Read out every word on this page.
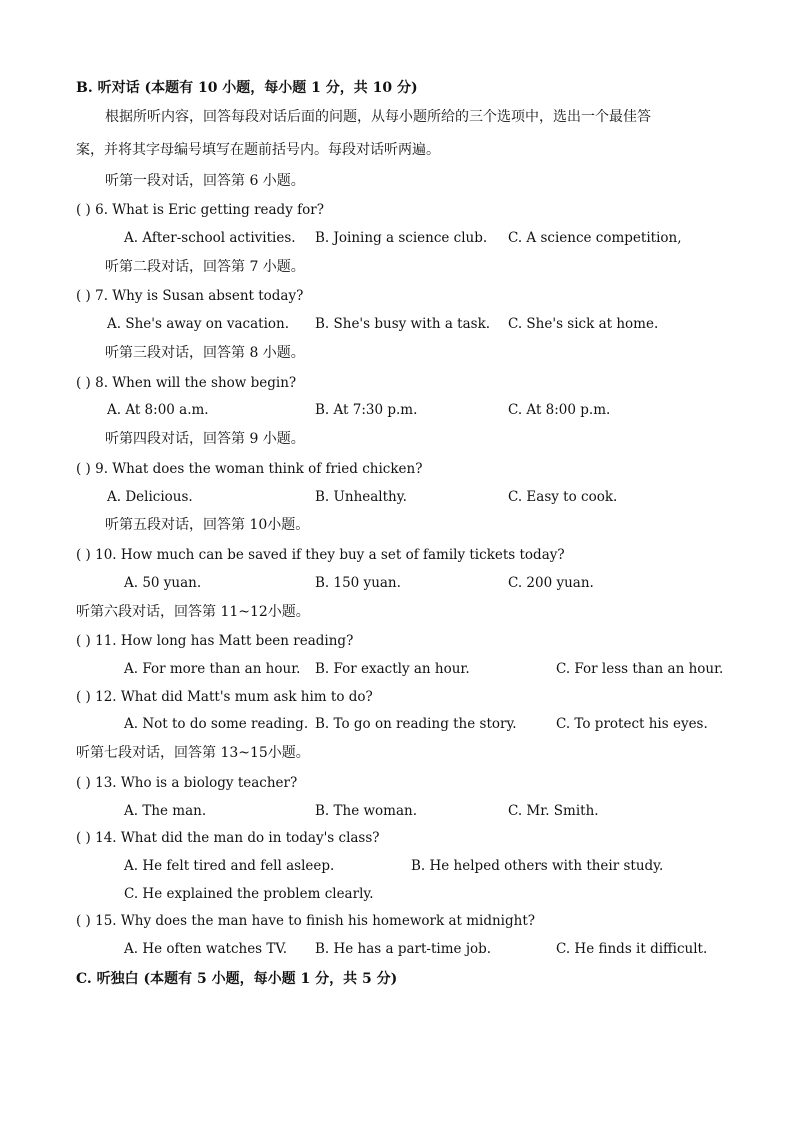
B. 听对话 (本题有 10 小题，每小题 1 分，共 10 分)
根据所听内容，回答每段对话后面的问题，从每小题所给的三个选项中，选出一个最佳答
案，并将其字母编号填写在题前括号内。每段对话听两遍。
听第一段对话，回答第 6 小题。
( ) 6. What is Eric getting ready for?
A. After-school activities. B. Joining a science club. C. A science competition,
听第二段对话，回答第 7 小题。
( ) 7. Why is Susan absent today?
A. She's away on vacation. B. She's busy with a task. C. She's sick at home.
听第三段对话，回答第 8 小题。
( ) 8. When will the show begin?
A. At 8:00 a.m.	B. At 7:30 p.m.	C. At 8:00 p.m.
听第四段对话，回答第 9 小题。
( ) 9. What does the woman think of fried chicken?
A. Delicious.	B. Unhealthy.	C. Easy to cook.
听第五段对话，回答第 10小题。
( ) 10. How much can be saved if they buy a set of family tickets today?
A. 50 yuan.	B. 150 yuan.	C. 200 yuan.
听第六段对话，回答第 11~12小题。
( ) 11. How long has Matt been reading?
A. For more than an hour. B. For exactly an hour.	C. For less than an hour.
( ) 12. What did Matt's mum ask him to do?
A. Not to do some reading. B. To go on reading the story.	C. To protect his eyes.
听第七段对话，回答第 13~15小题。
( ) 13. Who is a biology teacher?
A. The man.	B. The woman.	C. Mr. Smith.
( ) 14. What did the man do in today's class?
A. He felt tired and fell asleep.	B. He helped others with their study.
C. He explained the problem clearly.
( ) 15. Why does the man have to finish his homework at midnight?
A. He often watches TV. B. He has a part-time job.	C. He finds it difficult.
C. 听独白 (本题有 5 小题，每小题 1 分，共 5 分)
